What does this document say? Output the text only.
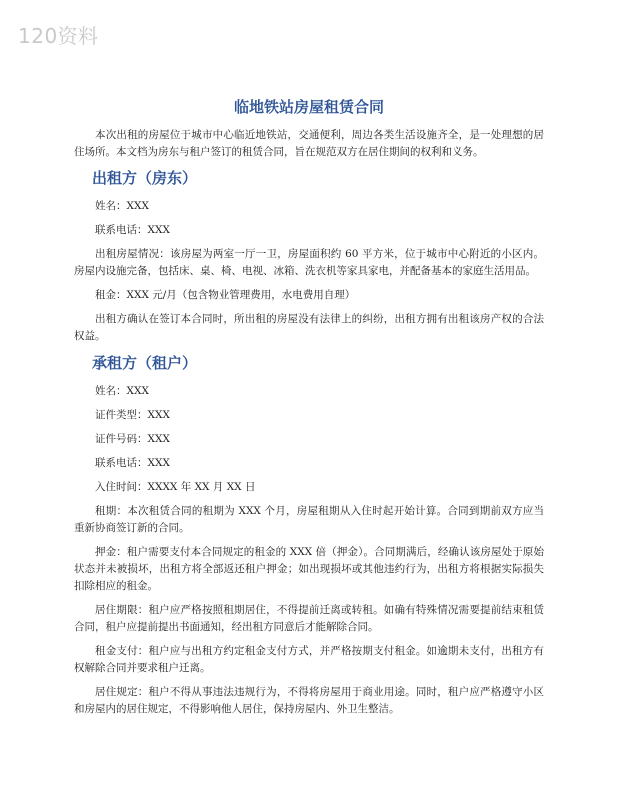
120资料
临地铁站房屋租赁合同

本次出租的房屋位于城市中心临近地铁站，交通便利，周边各类生活设施齐全，是一处理想的居住场所。本文档为房东与租户签订的租赁合同，旨在规范双方在居住期间的权利和义务。

出租方（房东）

姓名：XXX

联系电话：XXX

出租房屋情况：该房屋为两室一厅一卫，房屋面积约 60 平方米，位于城市中心附近的小区内。房屋内设施完备，包括床、桌、椅、电视、冰箱、洗衣机等家具家电，并配备基本的家庭生活用品。

租金：XXX 元/月（包含物业管理费用，水电费用自理）

出租方确认在签订本合同时，所出租的房屋没有法律上的纠纷，出租方拥有出租该房产权的合法权益。

承租方（租户）

姓名：XXX

证件类型：XXX

证件号码：XXX

联系电话：XXX

入住时间：XXXX 年 XX 月 XX 日

租期：本次租赁合同的租期为 XXX 个月，房屋租期从入住时起开始计算。合同到期前双方应当重新协商签订新的合同。

押金：租户需要支付本合同规定的租金的 XXX 倍（押金）。合同期满后，经确认该房屋处于原始状态并未被损坏，出租方将全部返还租户押金；如出现损坏或其他违约行为，出租方将根据实际损失扣除相应的租金。

居住期限：租户应严格按照租期居住，不得提前迁离或转租。如确有特殊情况需要提前结束租赁合同，租户应提前提出书面通知，经出租方同意后才能解除合同。

租金支付：租户应与出租方约定租金支付方式，并严格按期支付租金。如逾期未支付，出租方有权解除合同并要求租户迁离。

居住规定：租户不得从事违法违规行为，不得将房屋用于商业用途。同时，租户应严格遵守小区和房屋内的居住规定，不得影响他人居住，保持房屋内、外卫生整洁。
